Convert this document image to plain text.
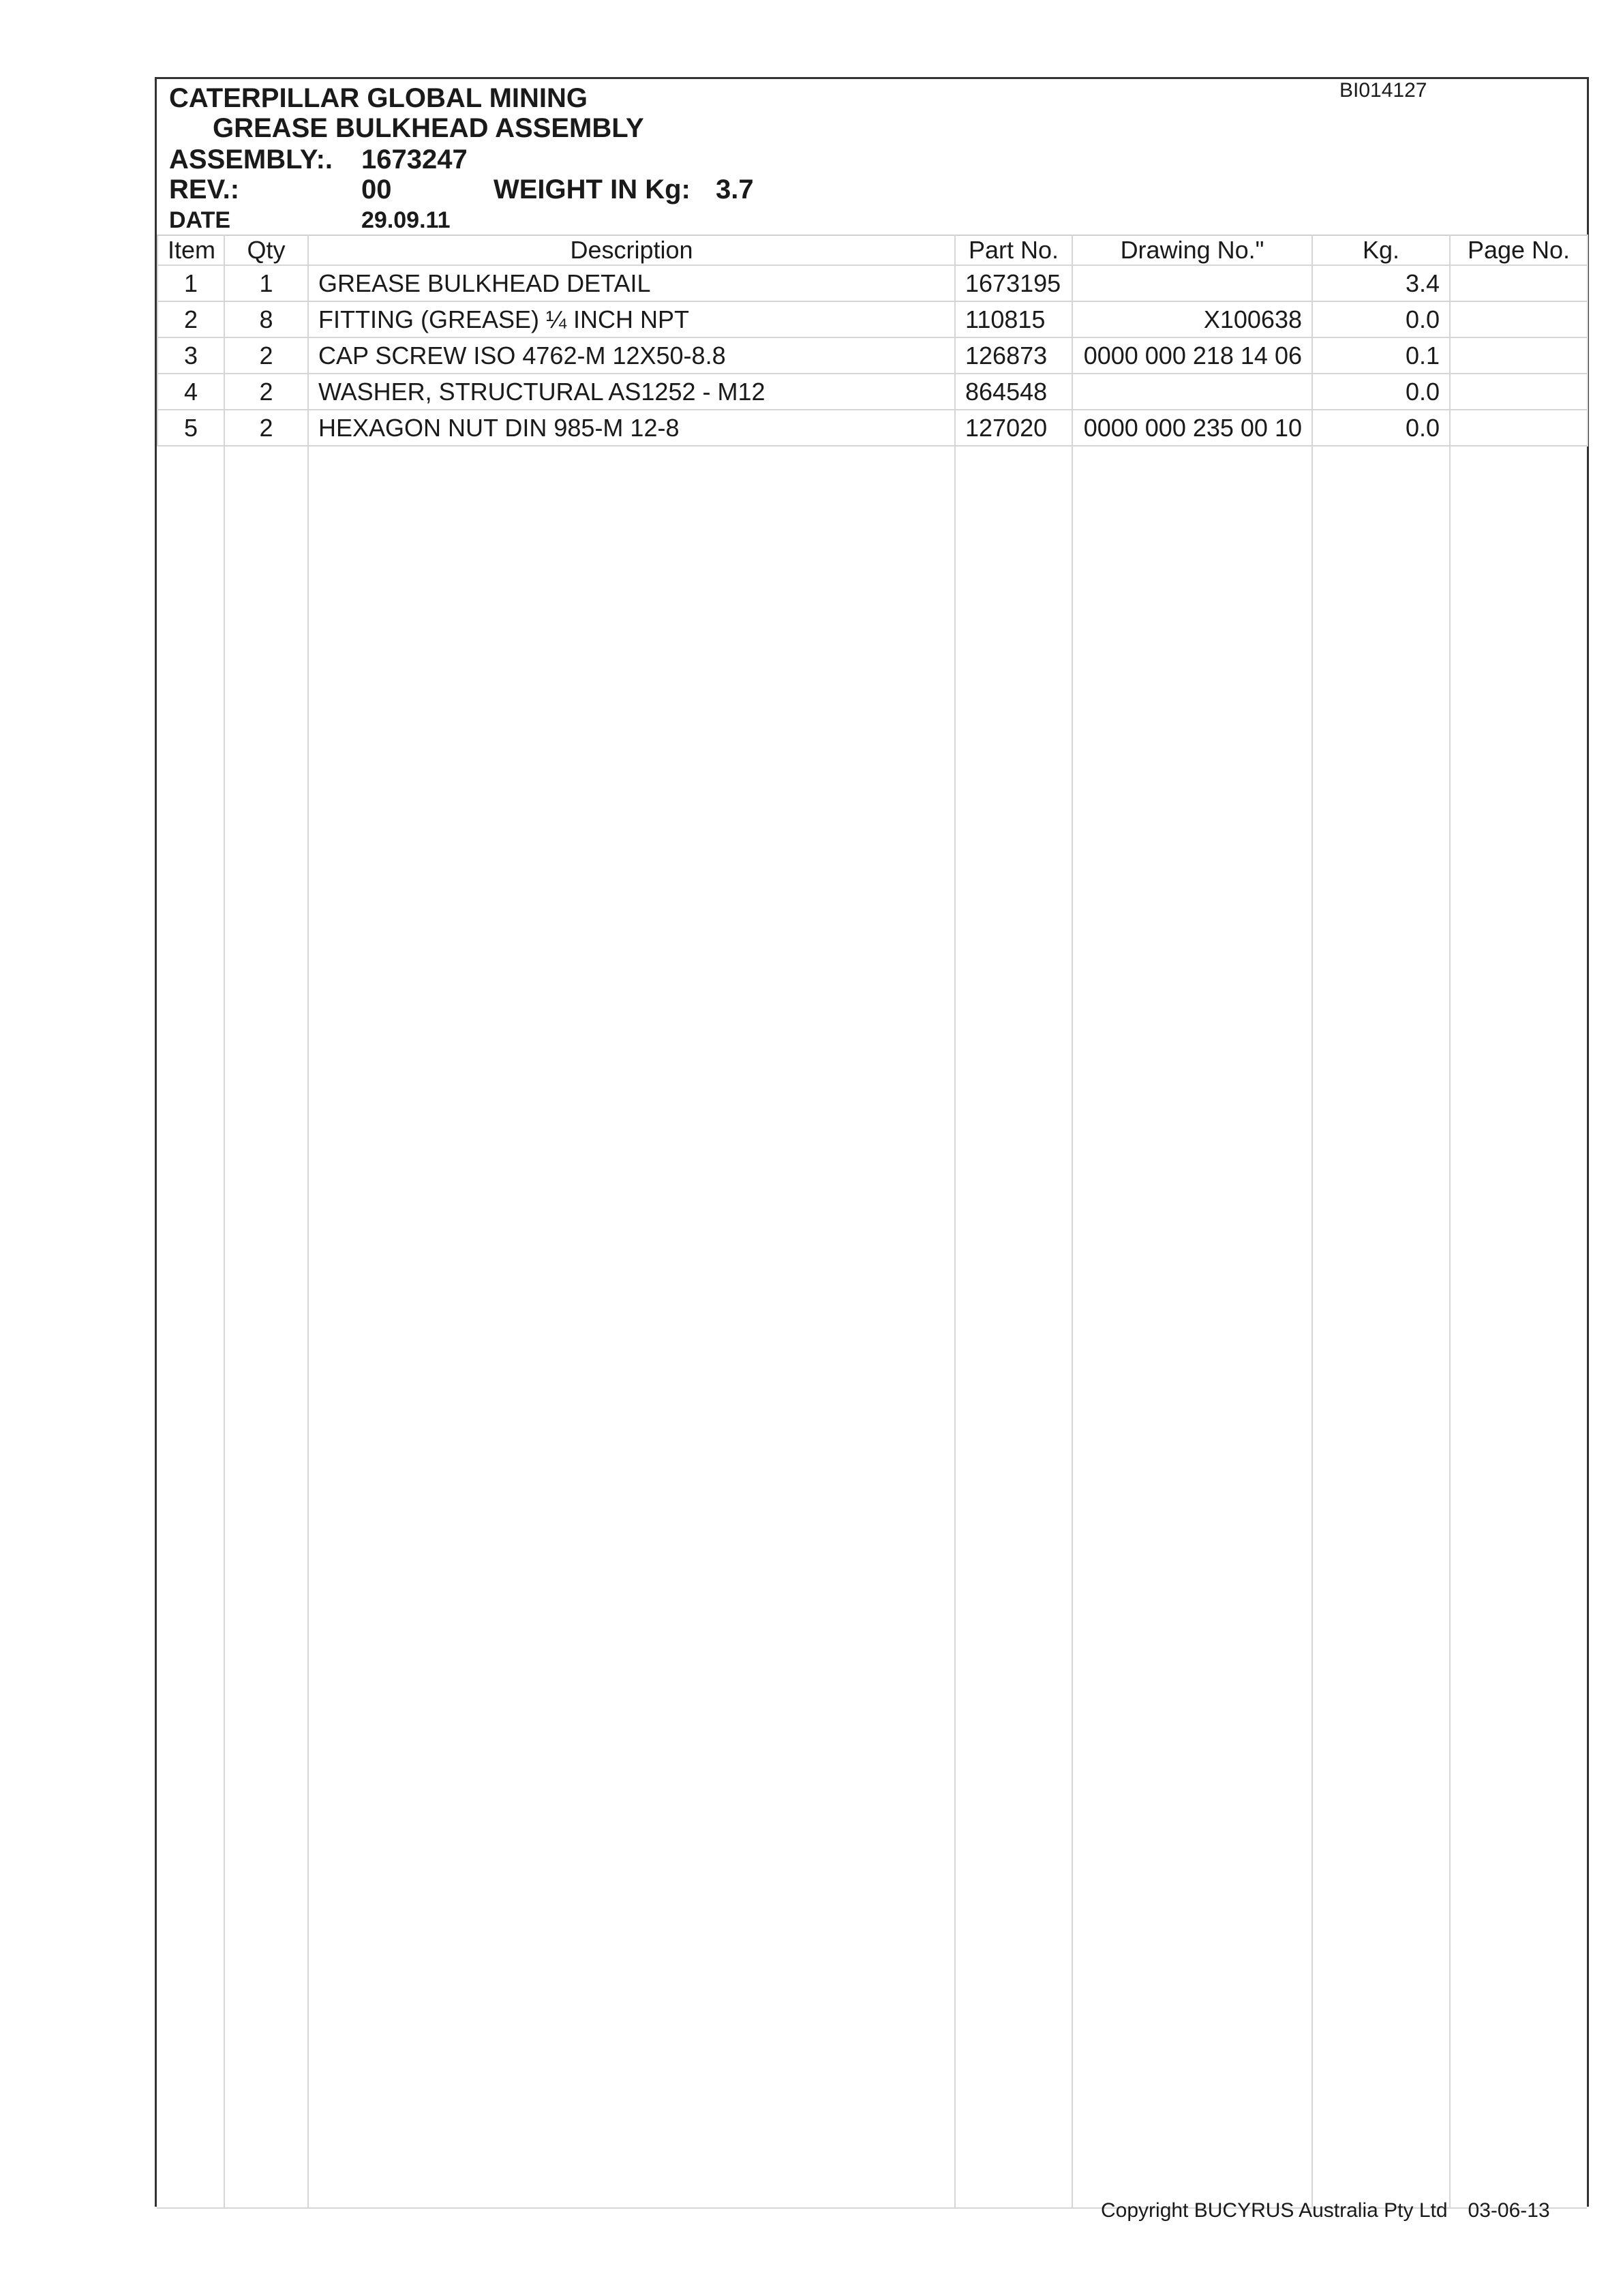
CATERPILLAR GLOBAL MINING
GREASE BULKHEAD ASSEMBLY
ASSEMBLY:. 1673247
REV.:	00	WEIGHT IN Kg: 3.7
DATE	29.09.11
BI014127
Item	Qty	Description	Part No.	Drawing No."	Kg.	Page No.
1	1	GREASE BULKHEAD DETAIL	1673195		3.4	
2	8	FITTING (GREASE) ¼ INCH NPT	110815	X100638	0.0	
3	2	CAP SCREW ISO 4762-M 12X50-8.8	126873	0000 000 218 14 06	0.1	
4	2	WASHER, STRUCTURAL AS1252 - M12	864548		0.0	
5	2	HEXAGON NUT DIN 985-M 12-8	127020	0000 000 235 00 10	0.0	
Copyright BUCYRUS Australia Pty Ltd 03-06-13
